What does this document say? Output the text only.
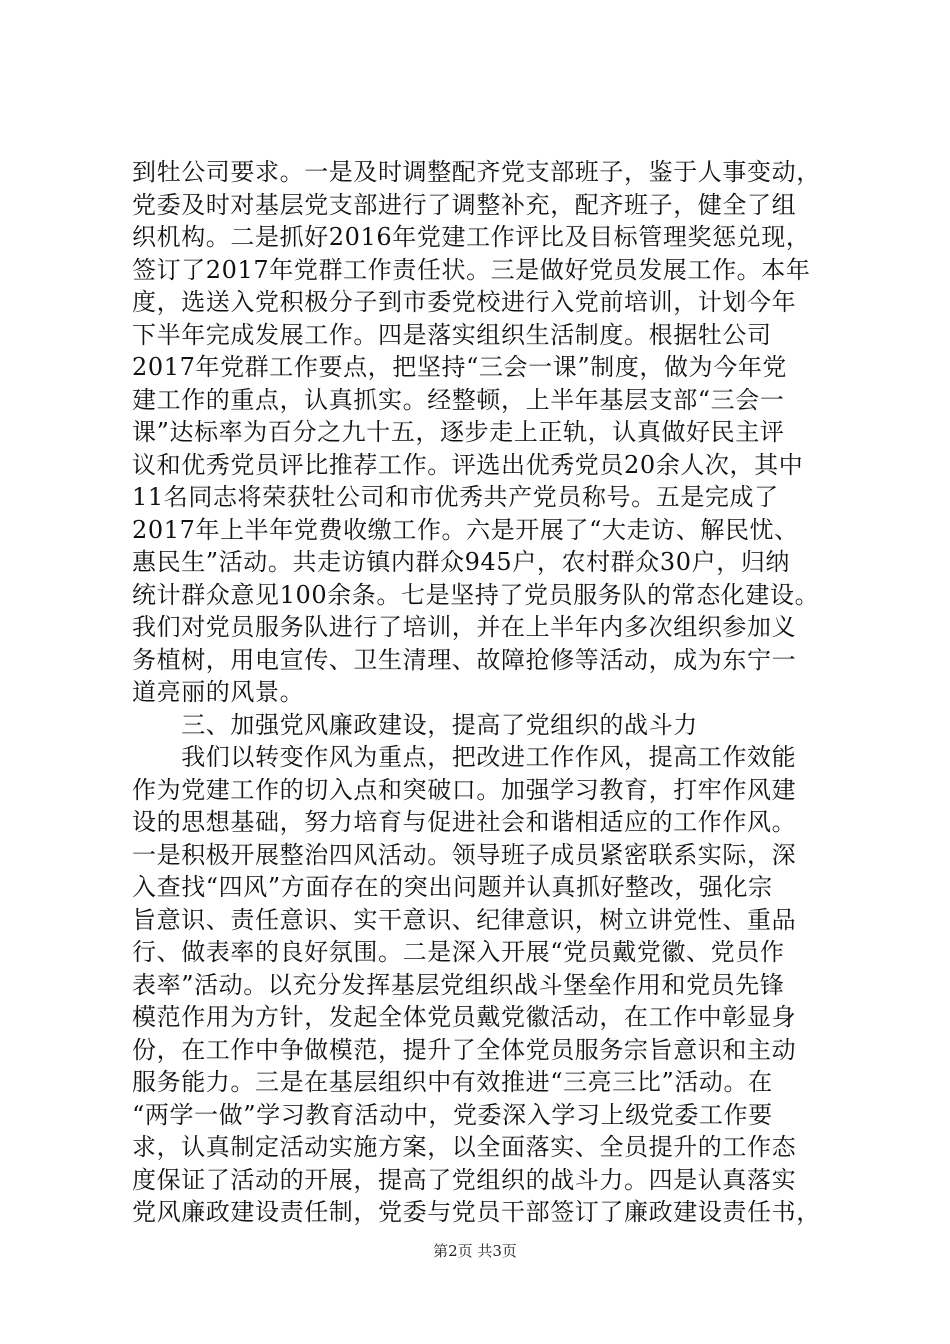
到牡公司要求。一是及时调整配齐党支部班子，鉴于人事变动，
党委及时对基层党支部进行了调整补充，配齐班子，健全了组
织机构。二是抓好2016年党建工作评比及目标管理奖惩兑现，
签订了2017年党群工作责任状。三是做好党员发展工作。本年
度，选送入党积极分子到市委党校进行入党前培训，计划今年
下半年完成发展工作。四是落实组织生活制度。根据牡公司
2017年党群工作要点，把坚持“三会一课”制度，做为今年党
建工作的重点，认真抓实。经整顿，上半年基层支部“三会一
课”达标率为百分之九十五，逐步走上正轨，认真做好民主评
议和优秀党员评比推荐工作。评选出优秀党员20余人次，其中
11名同志将荣获牡公司和市优秀共产党员称号。五是完成了
2017年上半年党费收缴工作。六是开展了“大走访、解民忧、
惠民生”活动。共走访镇内群众945户，农村群众30户，归纳
统计群众意见100余条。七是坚持了党员服务队的常态化建设。
我们对党员服务队进行了培训，并在上半年内多次组织参加义
务植树，用电宣传、卫生清理、故障抢修等活动，成为东宁一
道亮丽的风景。
　　三、加强党风廉政建设，提高了党组织的战斗力
　　我们以转变作风为重点，把改进工作作风，提高工作效能
作为党建工作的切入点和突破口。加强学习教育，打牢作风建
设的思想基础，努力培育与促进社会和谐相适应的工作作风。
一是积极开展整治四风活动。领导班子成员紧密联系实际，深
入查找“四风”方面存在的突出问题并认真抓好整改，强化宗
旨意识、责任意识、实干意识、纪律意识，树立讲党性、重品
行、做表率的良好氛围。二是深入开展“党员戴党徽、党员作
表率”活动。以充分发挥基层党组织战斗堡垒作用和党员先锋
模范作用为方针，发起全体党员戴党徽活动，在工作中彰显身
份，在工作中争做模范，提升了全体党员服务宗旨意识和主动
服务能力。三是在基层组织中有效推进“三亮三比”活动。在
“两学一做”学习教育活动中，党委深入学习上级党委工作要
求，认真制定活动实施方案，以全面落实、全员提升的工作态
度保证了活动的开展，提高了党组织的战斗力。四是认真落实
党风廉政建设责任制，党委与党员干部签订了廉政建设责任书，
第2页 共3页
